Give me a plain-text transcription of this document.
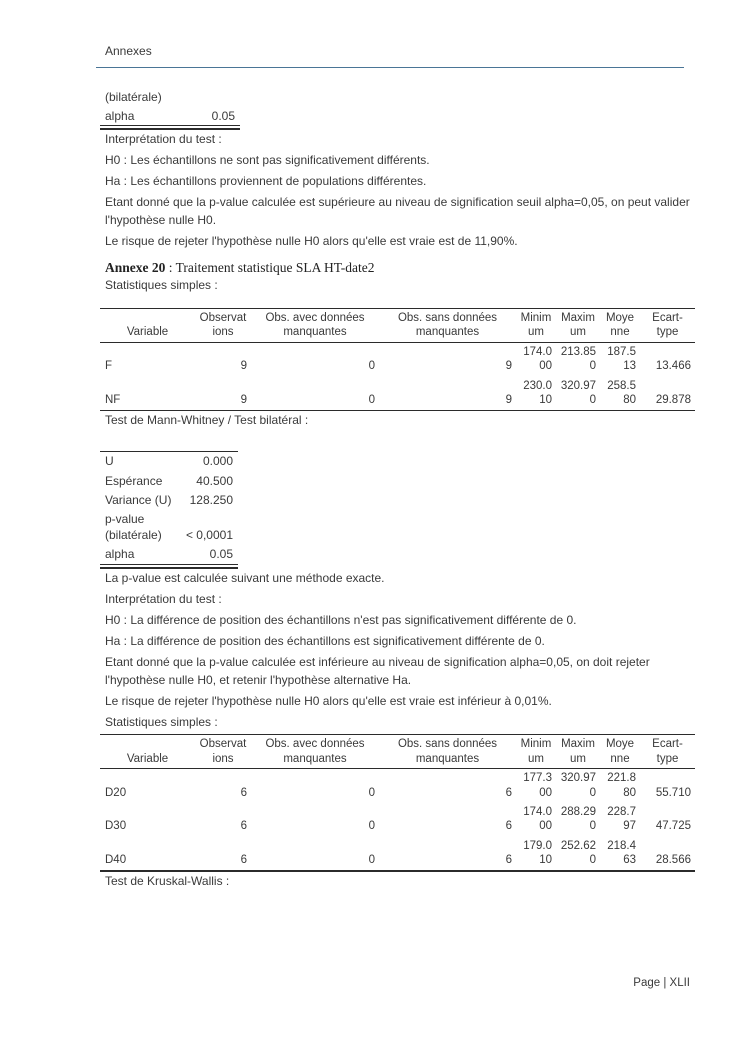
Annexes
(bilatérale)
alpha	0.05

Interprétation du test :

H0 : Les échantillons ne sont pas significativement différents.

Ha : Les échantillons proviennent de populations différentes.

Etant donné que la p-value calculée est supérieure au niveau de signification seuil alpha=0,05, on peut valider l'hypothèse nulle H0.

Le risque de rejeter l'hypothèse nulle H0 alors qu'elle est vraie est de 11,90%.

Annexe 20 : Traitement statistique SLA HT-date2

Statistiques simples :

Variable	Observations	Obs. avec données manquantes	Obs. sans données manquantes	Minimum	Maximum	Moyenne	Ecart-type
F	9	0	9	174.000	213.850	187.513	13.466
NF	9	0	9	230.010	320.970	258.580	29.878

Test de Mann-Whitney / Test bilatéral :

U	0.000
Espérance	40.500
Variance (U)	128.250
p-value (bilatérale)	< 0,0001
alpha	0.05

La p-value est calculée suivant une méthode exacte.

Interprétation du test :

H0 : La différence de position des échantillons n'est pas significativement différente de 0.

Ha : La différence de position des échantillons est significativement différente de 0.

Etant donné que la p-value calculée est inférieure au niveau de signification alpha=0,05, on doit rejeter l'hypothèse nulle H0, et retenir l'hypothèse alternative Ha.

Le risque de rejeter l'hypothèse nulle H0 alors qu'elle est vraie est inférieur à 0,01%.

Statistiques simples :

Variable	Observations	Obs. avec données manquantes	Obs. sans données manquantes	Minimum	Maximum	Moyenne	Ecart-type
D20	6	0	6	177.300	320.970	221.880	55.710
D30	6	0	6	174.000	288.290	228.797	47.725
D40	6	0	6	179.010	252.620	218.463	28.566

Test de Kruskal-Wallis :

Page | XLII
